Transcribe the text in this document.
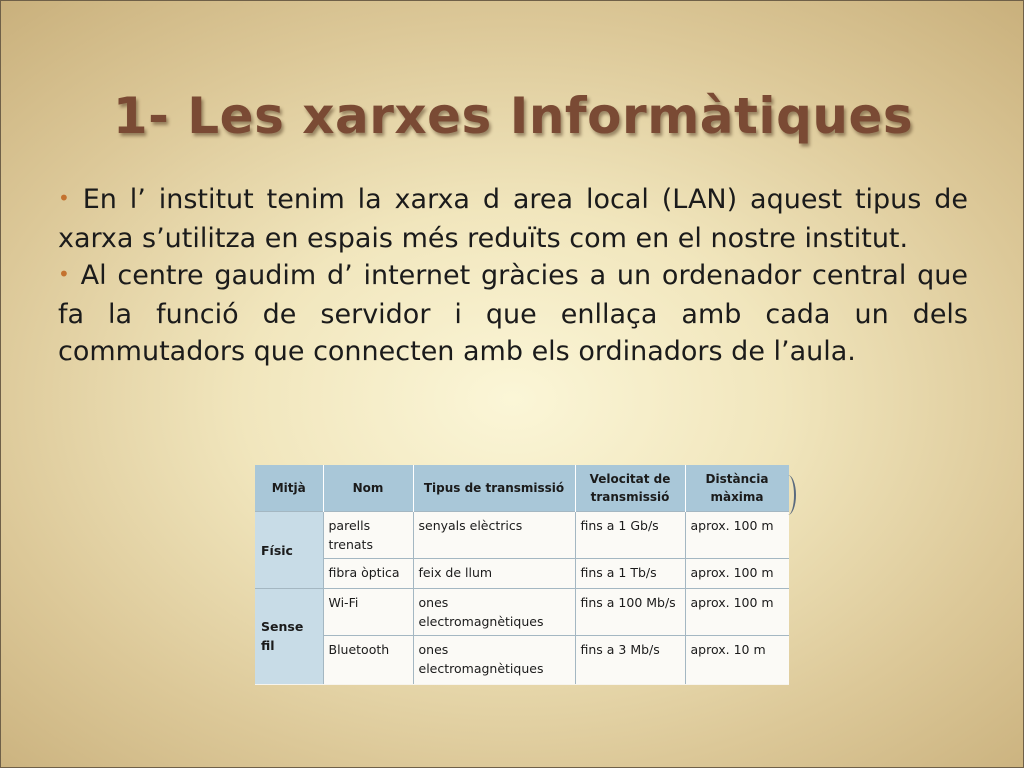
1- Les xarxes Informàtiques

• En l’ institut tenim la xarxa d area local (LAN) aquest tipus de xarxa s’utilitza en espais més reduïts com en el nostre institut.

• Al centre gaudim d’ internet gràcies a un ordenador central que fa la funció de servidor i que enllaça amb cada un dels commutadors que connecten amb els ordinadors de l’aula.

Mitjà	Nom	Tipus de transmissió	Velocitat de transmissió	Distància màxima
Físic	parells trenats	senyals elèctrics	fins a 1 Gb/s	aprox. 100 m
	fibra òptica	feix de llum	fins a 1 Tb/s	aprox. 100 m
Sense fil	Wi-Fi	ones electromagnètiques	fins a 100 Mb/s	aprox. 100 m
	Bluetooth	ones electromagnètiques	fins a 3 Mb/s	aprox. 10 m
